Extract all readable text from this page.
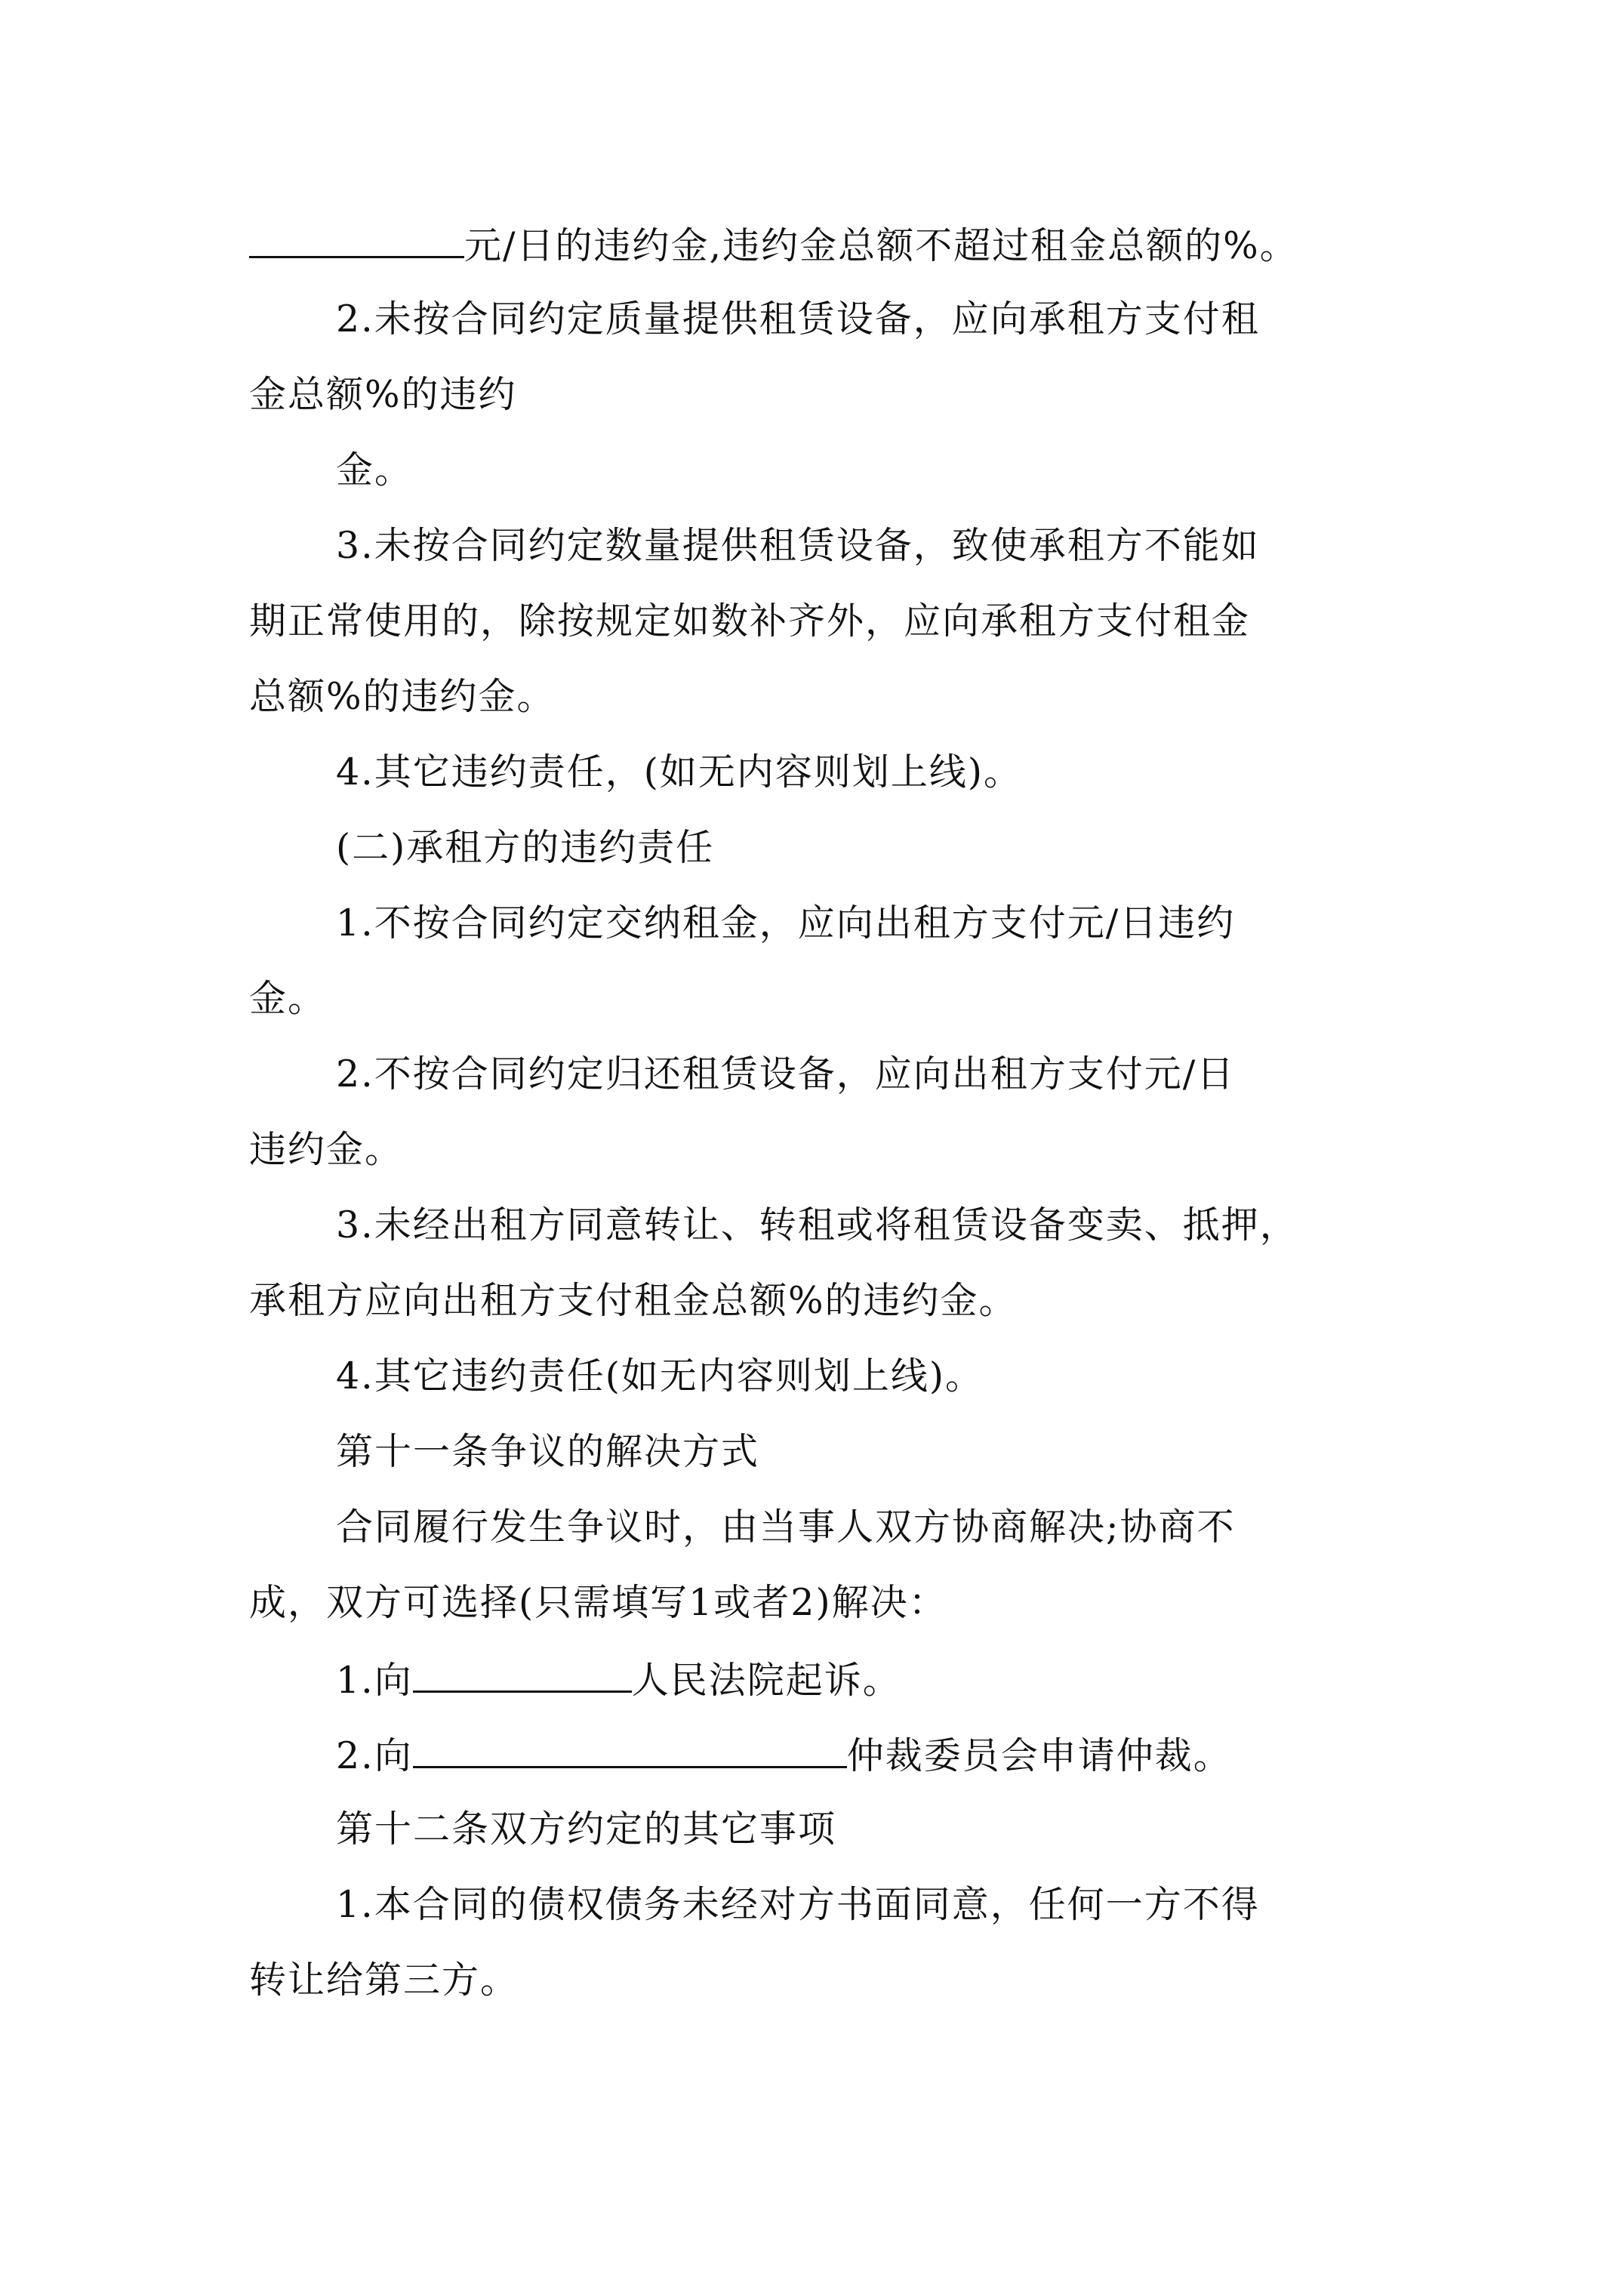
元/日的违约金,违约金总额不超过租金总额的%。
2.未按合同约定质量提供租赁设备，应向承租方支付租
金总额%的违约
金。
3.未按合同约定数量提供租赁设备，致使承租方不能如
期正常使用的，除按规定如数补齐外，应向承租方支付租金
总额%的违约金。
4.其它违约责任，(如无内容则划上线)。
(二)承租方的违约责任
1.不按合同约定交纳租金，应向出租方支付元/日违约
金。
2.不按合同约定归还租赁设备，应向出租方支付元/日
违约金。
3.未经出租方同意转让、转租或将租赁设备变卖、抵押，
承租方应向出租方支付租金总额%的违约金。
4.其它违约责任(如无内容则划上线)。
第十一条争议的解决方式
合同履行发生争议时，由当事人双方协商解决;协商不
成，双方可选择(只需填写1或者2)解决：
1.向	人民法院起诉。
2.向	仲裁委员会申请仲裁。
第十二条双方约定的其它事项
1.本合同的债权债务未经对方书面同意，任何一方不得
转让给第三方。
